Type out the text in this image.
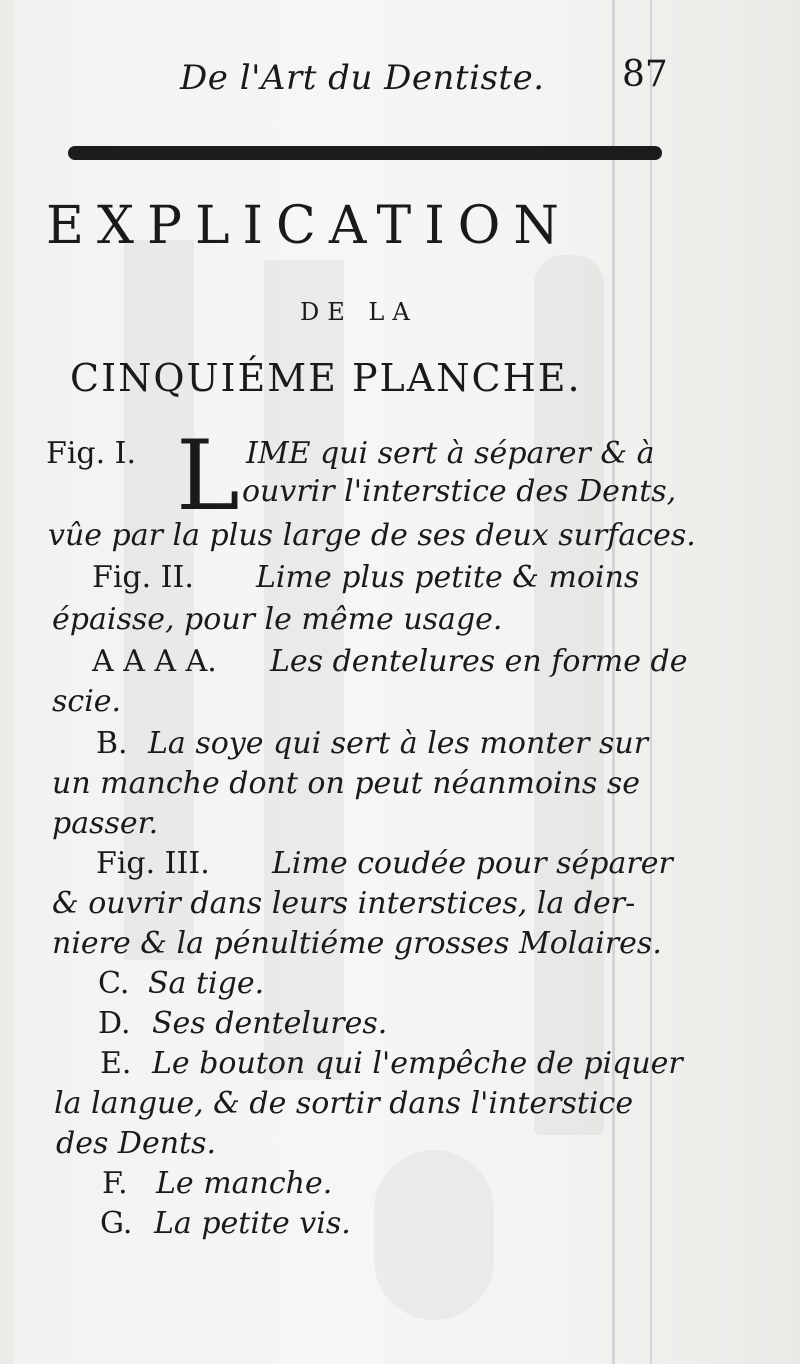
De l'Art du Dentiste. 87
EXPLICATION
DE LA
CINQUIÉME PLANCHE.
Fig. I. L IME qui sert à séparer & à
ouvrir l'interstice des Dents,
vûe par la plus large de ses deux surfaces.
Fig. II. Lime plus petite & moins
épaisse, pour le même usage.
A A A A. Les dentelures en forme de
scie.
B. La soye qui sert à les monter sur
un manche dont on peut néanmoins se
passer.
Fig. III. Lime coudée pour séparer
& ouvrir dans leurs interstices, la der-
niere & la pénultiéme grosses Molaires.
C. Sa tige.
D. Ses dentelures.
E. Le bouton qui l'empêche de piquer
la langue, & de sortir dans l'interstice
des Dents.
F. Le manche.
G. La petite vis.
